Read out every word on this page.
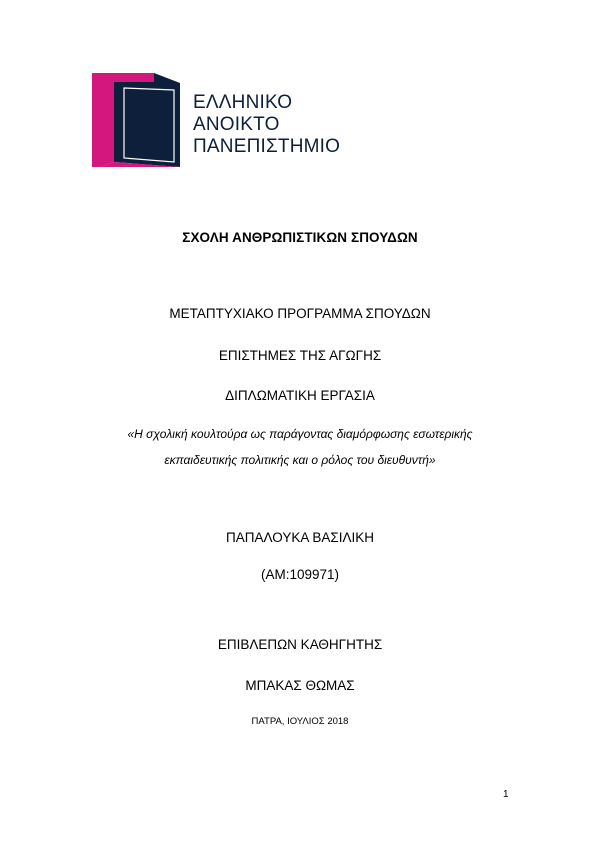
ΕΛΛΗΝΙΚΟ
ΑΝΟΙΚΤΟ
ΠΑΝΕΠΙΣΤΗΜΙΟ
ΣΧΟΛΗ ΑΝΘΡΩΠΙΣΤΙΚΩΝ ΣΠΟΥΔΩΝ
ΜΕΤΑΠΤΥΧΙΑΚΟ ΠΡΟΓΡΑΜΜΑ ΣΠΟΥΔΩΝ
ΕΠΙΣΤΗΜΕΣ ΤΗΣ ΑΓΩΓΗΣ
ΔΙΠΛΩΜΑΤΙΚΗ ΕΡΓΑΣΙΑ
«Η σχολική κουλτούρα ως παράγοντας διαμόρφωσης εσωτερικής
εκπαιδευτικής πολιτικής και ο ρόλος του διευθυντή»
ΠΑΠΑΛΟΥΚΑ ΒΑΣΙΛΙΚΗ
(ΑΜ:109971)
ΕΠΙΒΛΕΠΩΝ ΚΑΘΗΓΗΤΗΣ
ΜΠΑΚΑΣ ΘΩΜΑΣ
ΠΑΤΡΑ, ΙΟΥΛΙΟΣ 2018
1
